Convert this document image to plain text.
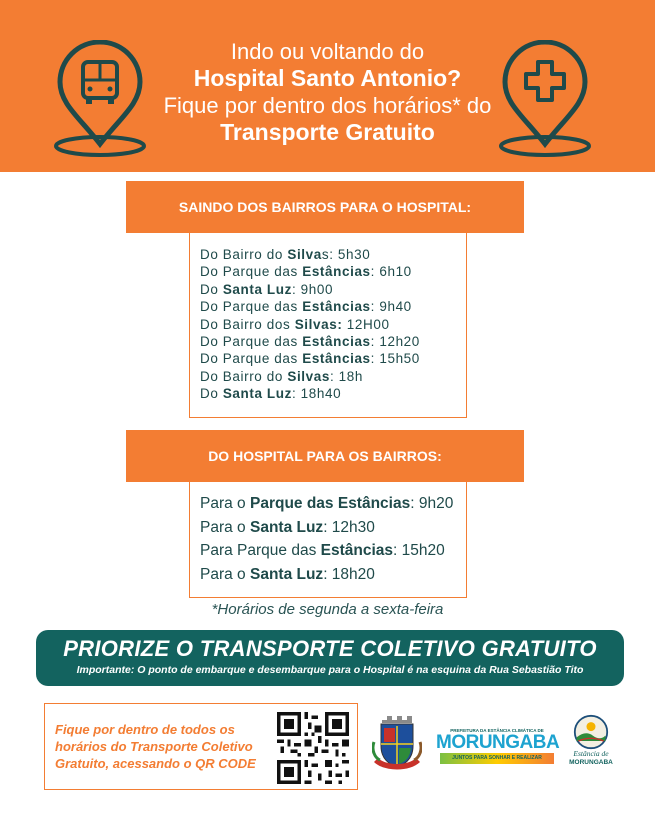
Indo ou voltando do
Hospital Santo Antonio?
Fique por dentro dos horários* do
Transporte Gratuito
Do Bairro do Silvas: 5h30
Do Parque das Estâncias: 6h10
Do Santa Luz: 9h00
Do Parque das Estâncias: 9h40
Do Bairro dos Silvas: 12H00
Do Parque das Estâncias: 12h20
Do Parque das Estâncias: 15h50
Do Bairro do Silvas: 18h
Do Santa Luz: 18h40
SAINDO DOS BAIRROS PARA O HOSPITAL:
Para o Parque das Estâncias: 9h20
Para o Santa Luz: 12h30
Para Parque das Estâncias: 15h20
Para o Santa Luz: 18h20
DO HOSPITAL PARA OS BAIRROS:
*Horários de segunda a sexta-feira
PRIORIZE O TRANSPORTE COLETIVO GRATUITO
Importante: O ponto de embarque e desembarque para o Hospital é na esquina da Rua Sebastião Tito
Fique por dentro de todos os horários do Transporte Coletivo Gratuito, acessando o QR CODE
PREFEITURA DA ESTÂNCIA CLIMÁTICA DE
MORUNGABA
JUNTOS PARA SONHAR E REALIZAR	Estância de
MORUNGABA
